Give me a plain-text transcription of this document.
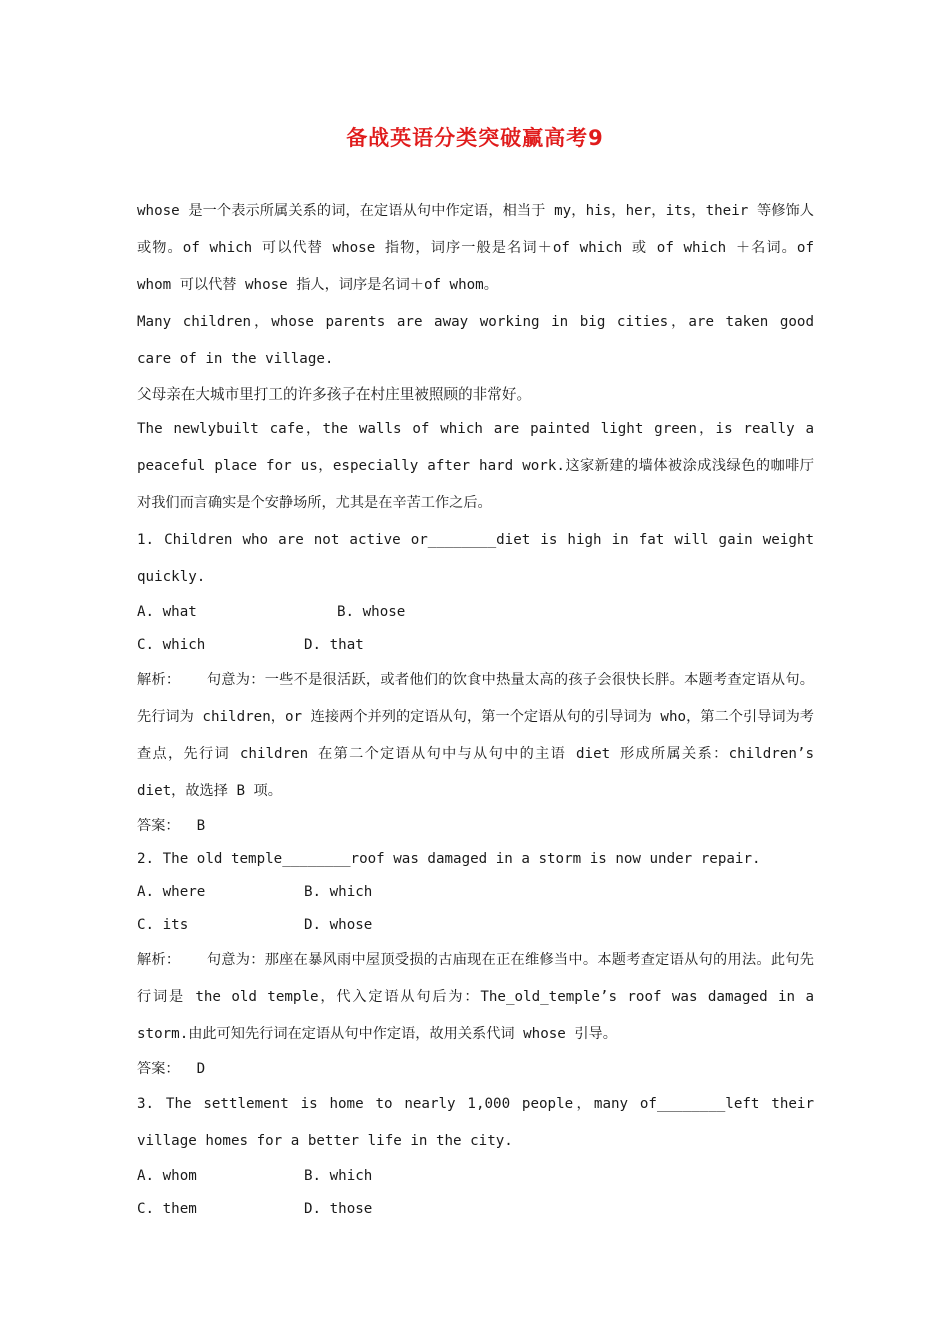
备战英语分类突破赢高考9

whose 是一个表示所属关系的词，在定语从句中作定语，相当于 my，his，her，its，their 等修饰人或物。of which 可以代替 whose 指物，词序一般是名词＋of which 或 of which ＋名词。of whom 可以代替 whose 指人，词序是名词＋of whom。

Many children，whose parents are away working in big cities，are taken good care of in the village.

父母亲在大城市里打工的许多孩子在村庄里被照顾的非常好。

The newlybuilt cafe，the walls of which are painted light green，is really a peaceful place for us，especially after hard work.这家新建的墙体被涂成浅绿色的咖啡厅对我们而言确实是个安静场所，尤其是在辛苦工作之后。

1. Children who are not active or________diet is high in fat will gain weight quickly.

A. what	B. whose
C. which	D. that

解析： 句意为：一些不是很活跃，或者他们的饮食中热量太高的孩子会很快长胖。本题考查定语从句。先行词为 children，or 连接两个并列的定语从句，第一个定语从句的引导词为 who，第二个引导词为考查点，先行词 children 在第二个定语从句中与从句中的主语 diet 形成所属关系：children’s diet，故选择 B 项。

答案： B

2. The old temple________roof was damaged in a storm is now under repair.

A. where	B. which
C. its	D. whose

解析： 句意为：那座在暴风雨中屋顶受损的古庙现在正在维修当中。本题考查定语从句的用法。此句先行词是 the old temple，代入定语从句后为：The_old_temple’s roof was damaged in a storm.由此可知先行词在定语从句中作定语，故用关系代词 whose 引导。

答案： D

3. The settlement is home to nearly 1,000 people，many of________left their village homes for a better life in the city.

A. whom	B. which
C. them	D. those
